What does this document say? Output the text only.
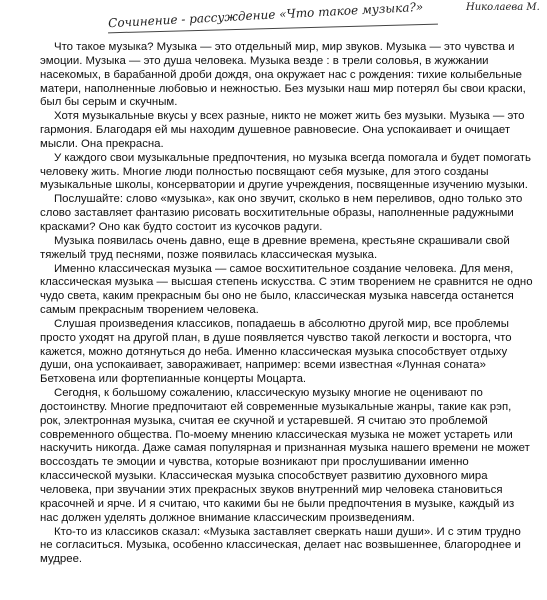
Сочинение - рассуждение «Что такое музыка?»	Николаева М.

Что такое музыка? Музыка — это отдельный мир, мир звуков. Музыка — это чувства и эмоции. Музыка — это душа человека. Музыка везде : в трели соловья, в жужжании насекомых, в барабанной дроби дождя, она окружает нас с рождения: тихие колыбельные матери, наполненные любовью и нежностью. Без музыки наш мир потерял бы свои краски, был бы серым и скучным.

Хотя музыкальные вкусы у всех разные, никто не может жить без музыки. Музыка — это гармония. Благодаря ей мы находим душевное равновесие. Она успокаивает и очищает мысли. Она прекрасна.

У каждого свои музыкальные предпочтения, но музыка всегда помогала и будет помогать человеку жить. Многие люди полностью посвящают себя музыке, для этого созданы музыкальные школы, консерватории и другие учреждения, посвященные изучению музыки.

Послушайте: слово «музыка», как оно звучит, сколько в нем переливов, одно только это слово заставляет фантазию рисовать восхитительные образы, наполненные радужными красками? Оно как будто состоит из кусочков радуги.

Музыка появилась очень давно, еще в древние времена, крестьяне скрашивали свой тяжелый труд песнями, позже появилась классическая музыка.

Именно классическая музыка — самое восхитительное создание человека. Для меня, классическая музыка — высшая степень искусства. С этим творением не сравнится не одно чудо света, каким прекрасным бы оно не было, классическая музыка навсегда останется самым прекрасным творением человека.

Слушая произведения классиков, попадаешь в абсолютно другой мир, все проблемы просто уходят на другой план, в душе появляется чувство такой легкости и восторга, что кажется, можно дотянуться до неба. Именно классическая музыка способствует отдыху души, она успокаивает, завораживает, например: всеми известная «Лунная соната» Бетховена или фортепианные концерты Моцарта.

Сегодня, к большому сожалению, классическую музыку многие не оценивают по достоинству. Многие предпочитают ей современные музыкальные жанры, такие как рэп, рок, электронная музыка, считая ее скучной и устаревшей. Я считаю это проблемой современного общества. По-моему мнению классическая музыка не может устареть или наскучить никогда. Даже самая популярная и признанная музыка нашего времени не может воссоздать те эмоции и чувства, которые возникают при прослушивании именно классической музыки. Классическая музыка способствует развитию духовного мира человека, при звучании этих прекрасных звуков внутренний мир человека становиться красочней и ярче. И я считаю, что какими бы не были предпочтения в музыке, каждый из нас должен уделять должное внимание классическим произведениям.

Кто-то из классиков сказал: «Музыка заставляет сверкать наши души». И с этим трудно не согласиться. Музыка, особенно классическая, делает нас возвышеннее, благороднее и мудрее.
